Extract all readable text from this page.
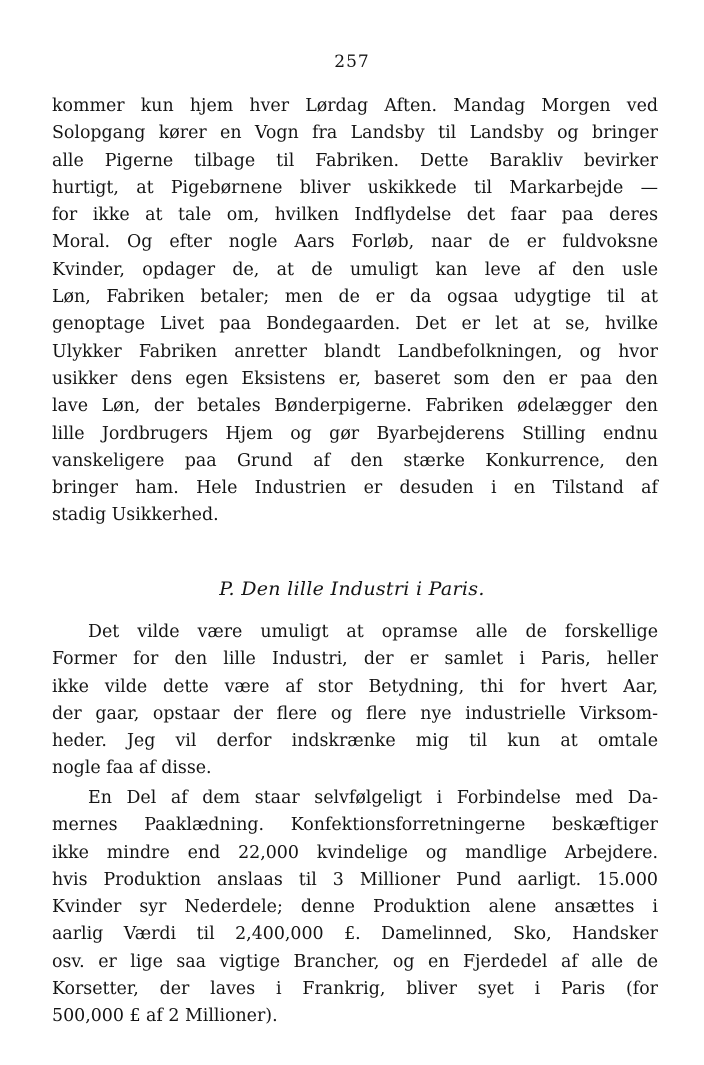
257
kommer kun hjem hver Lørdag Aften. Mandag Morgen ved
Solopgang kører en Vogn fra Landsby til Landsby og bringer
alle Pigerne tilbage til Fabriken. Dette Barakliv bevirker
hurtigt, at Pigebørnene bliver uskikkede til Markarbejde —
for ikke at tale om, hvilken Indflydelse det faar paa deres
Moral. Og efter nogle Aars Forløb, naar de er fuldvoksne
Kvinder, opdager de, at de umuligt kan leve af den usle
Løn, Fabriken betaler; men de er da ogsaa udygtige til at
genoptage Livet paa Bondegaarden. Det er let at se, hvilke
Ulykker Fabriken anretter blandt Landbefolkningen, og hvor
usikker dens egen Eksistens er, baseret som den er paa den
lave Løn, der betales Bønderpigerne. Fabriken ødelægger den
lille Jordbrugers Hjem og gør Byarbejderens Stilling endnu
vanskeligere paa Grund af den stærke Konkurrence, den
bringer ham. Hele Industrien er desuden i en Tilstand af
stadig Usikkerhed.
P. Den lille Industri i Paris.
Det vilde være umuligt at opramse alle de forskellige
Former for den lille Industri, der er samlet i Paris, heller
ikke vilde dette være af stor Betydning, thi for hvert Aar,
der gaar, opstaar der flere og flere nye industrielle Virksom-
heder. Jeg vil derfor indskrænke mig til kun at omtale
nogle faa af disse.
En Del af dem staar selvfølgeligt i Forbindelse med Da-
mernes Paaklædning. Konfektionsforretningerne beskæftiger
ikke mindre end 22,000 kvindelige og mandlige Arbejdere.
hvis Produktion anslaas til 3 Millioner Pund aarligt. 15.000
Kvinder syr Nederdele; denne Produktion alene ansættes i
aarlig Værdi til 2,400,000 £. Damelinned, Sko, Handsker
osv. er lige saa vigtige Brancher, og en Fjerdedel af alle de
Korsetter, der laves i Frankrig, bliver syet i Paris (for
500,000 £ af 2 Millioner).
